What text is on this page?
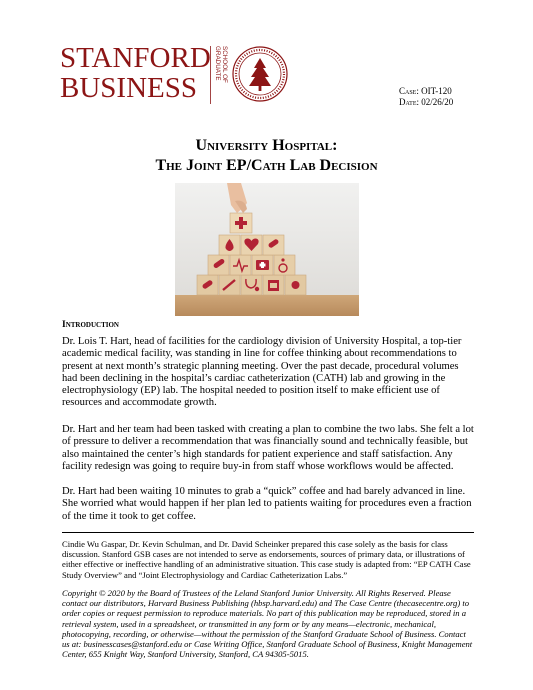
STANFORD
BUSINESS
GRADUATE SCHOOL OF
Case: OIT-120
Date: 02/26/20
University Hospital:
The Joint EP/Cath Lab Decision
Introduction
Dr. Lois T. Hart, head of facilities for the cardiology division of University Hospital, a top-tier academic medical facility, was standing in line for coffee thinking about recommendations to present at next month’s strategic planning meeting. Over the past decade, procedural volumes had been declining in the hospital’s cardiac catheterization (CATH) lab and growing in the electrophysiology (EP) lab. The hospital needed to position itself to make efficient use of resources and accommodate growth.
Dr. Hart and her team had been tasked with creating a plan to combine the two labs. She felt a lot of pressure to deliver a recommendation that was financially sound and technically feasible, but also maintained the center’s high standards for patient experience and staff satisfaction. Any facility redesign was going to require buy-in from staff whose workflows would be affected.
Dr. Hart had been waiting 10 minutes to grab a “quick” coffee and had barely advanced in line. She worried what would happen if her plan led to patients waiting for procedures even a fraction of the time it took to get coffee.
Cindie Wu Gaspar, Dr. Kevin Schulman, and Dr. David Scheinker prepared this case solely as the basis for class discussion. Stanford GSB cases are not intended to serve as endorsements, sources of primary data, or illustrations of either effective or ineffective handling of an administrative situation. This case study is adapted from: “EP CATH Case Study Overview” and “Joint Electrophysiology and Cardiac Catheterization Labs.”
Copyright © 2020 by the Board of Trustees of the Leland Stanford Junior University. All Rights Reserved. Please contact our distributors, Harvard Business Publishing (hbsp.harvard.edu) and The Case Centre (thecasecentre.org) to order copies or request permission to reproduce materials. No part of this publication may be reproduced, stored in a retrieval system, used in a spreadsheet, or transmitted in any form or by any means—electronic, mechanical, photocopying, recording, or otherwise—without the permission of the Stanford Graduate School of Business. Contact us at: businesscases@stanford.edu or Case Writing Office, Stanford Graduate School of Business, Knight Management Center, 655 Knight Way, Stanford University, Stanford, CA 94305-5015.
